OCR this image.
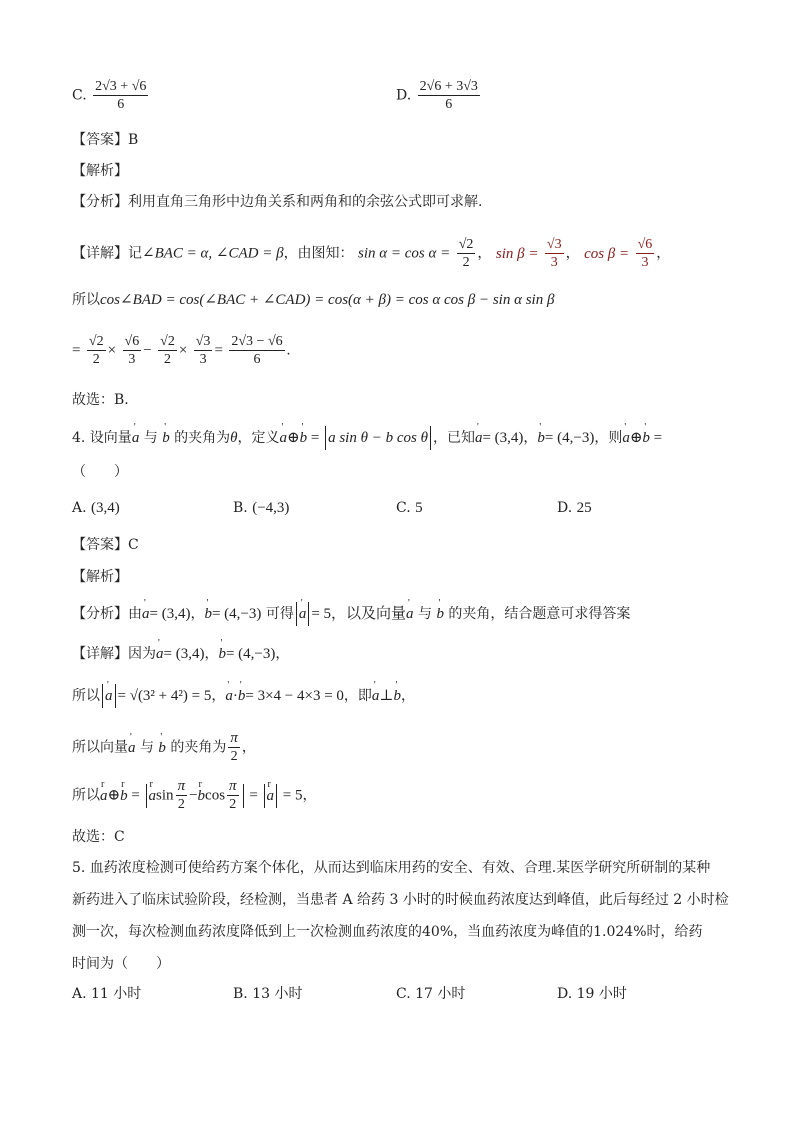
C. $\frac{2√3 + √6}{6}$	D. $\frac{2√6 + 3√3}{6}$
【答案】B
【解析】
【分析】利用直角三角形中边角关系和两角和的余弦公式即可求解.
【详解】记∠BAC = α, ∠CAD = β，由图知： $\sin \alpha = \cos \alpha = \frac{√2}{2}$ ， $\sin \beta = \frac{√3}{3}$ ， $\cos \beta = \frac{√6}{3}$ ，
所以cos∠BAD = cos(∠BAC + ∠CAD) = cos(α + β) = cos α cos β − sin α sin β
= $\frac{√2}{2} \times \frac{√6}{3} - \frac{√2}{2} \times \frac{√3}{3} = \frac{2√3 - √6}{6}$ .
故选：B.
4. 设向量' a 与 ' b 的夹角为θ，定义' a⊕' b = a sin θ − b cos θ ，已知' a= (3,4)，' b= (4,−3)，则' a⊕' b =
（　　）
A. (3,4)	B. (−4,3)	C. 5	D. 25
【答案】C
【解析】
【分析】由' a= (3,4)，' b= (4,−3) 可得 ' a = 5，以及向量' a 与 ' b 的夹角，结合题意可求得答案
【详解】因为' a= (3,4)，' b= (4,−3)，
所以 ' a = √(3² + 4²) = 5，' a·' b= 3×4 − 4×3 = 0，即' a⊥' b，
所以向量' a 与 ' b 的夹角为 $\frac{\pi}{2}$ ，
所以r a⊕r b = r asin $\frac{\pi}{2} -r$ bcos $\frac{\pi}{2} = r$ a = 5，
故选：C
5. 血药浓度检测可使给药方案个体化，从而达到临床用药的安全、有效、合理.某医学研究所研制的某种
新药进入了临床试验阶段，经检测，当患者 A 给药 3 小时的时候血药浓度达到峰值，此后每经过 2 小时检
测一次，每次检测血药浓度降低到上一次检测血药浓度的40%，当血药浓度为峰值的1.024%时，给药
时间为（　　）
A. 11 小时	B. 13 小时	C. 17 小时	D. 19 小时
